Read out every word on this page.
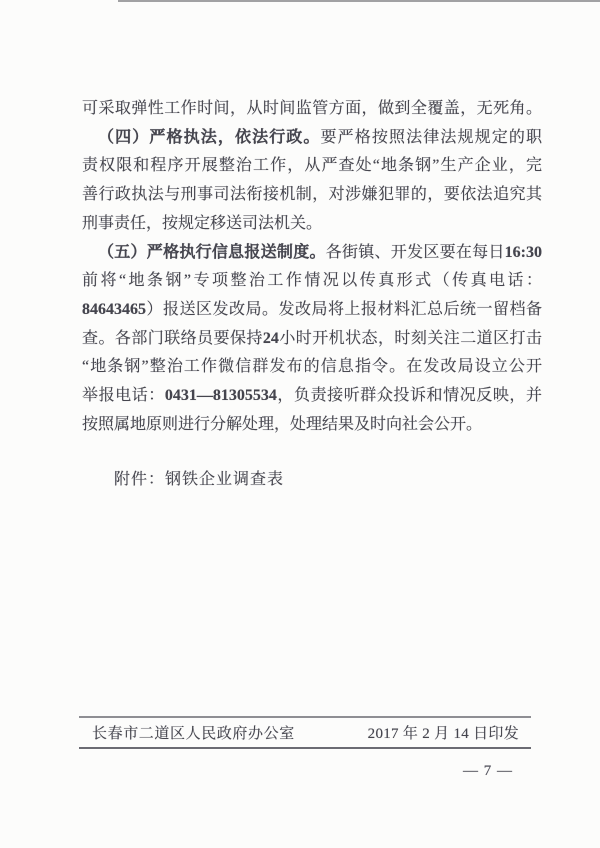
可采取弹性工作时间，从时间监管方面，做到全覆盖，无死角。
（四）严格执法，依法行政。要严格按照法律法规规定的职
责权限和程序开展整治工作，从严查处“地条钢”生产企业，完
善行政执法与刑事司法衔接机制，对涉嫌犯罪的，要依法追究其
刑事责任，按规定移送司法机关。
（五）严格执行信息报送制度。各街镇、开发区要在每日16:30
前将“地条钢”专项整治工作情况以传真形式（传真电话：
84643465）报送区发改局。发改局将上报材料汇总后统一留档备
查。各部门联络员要保持24小时开机状态，时刻关注二道区打击
“地条钢”整治工作微信群发布的信息指令。在发改局设立公开
举报电话：0431—81305534，负责接听群众投诉和情况反映，并
按照属地原则进行分解处理，处理结果及时向社会公开。
附件：钢铁企业调查表
长春市二道区人民政府办公室	2017 年 2 月 14 日印发
— 7 —
